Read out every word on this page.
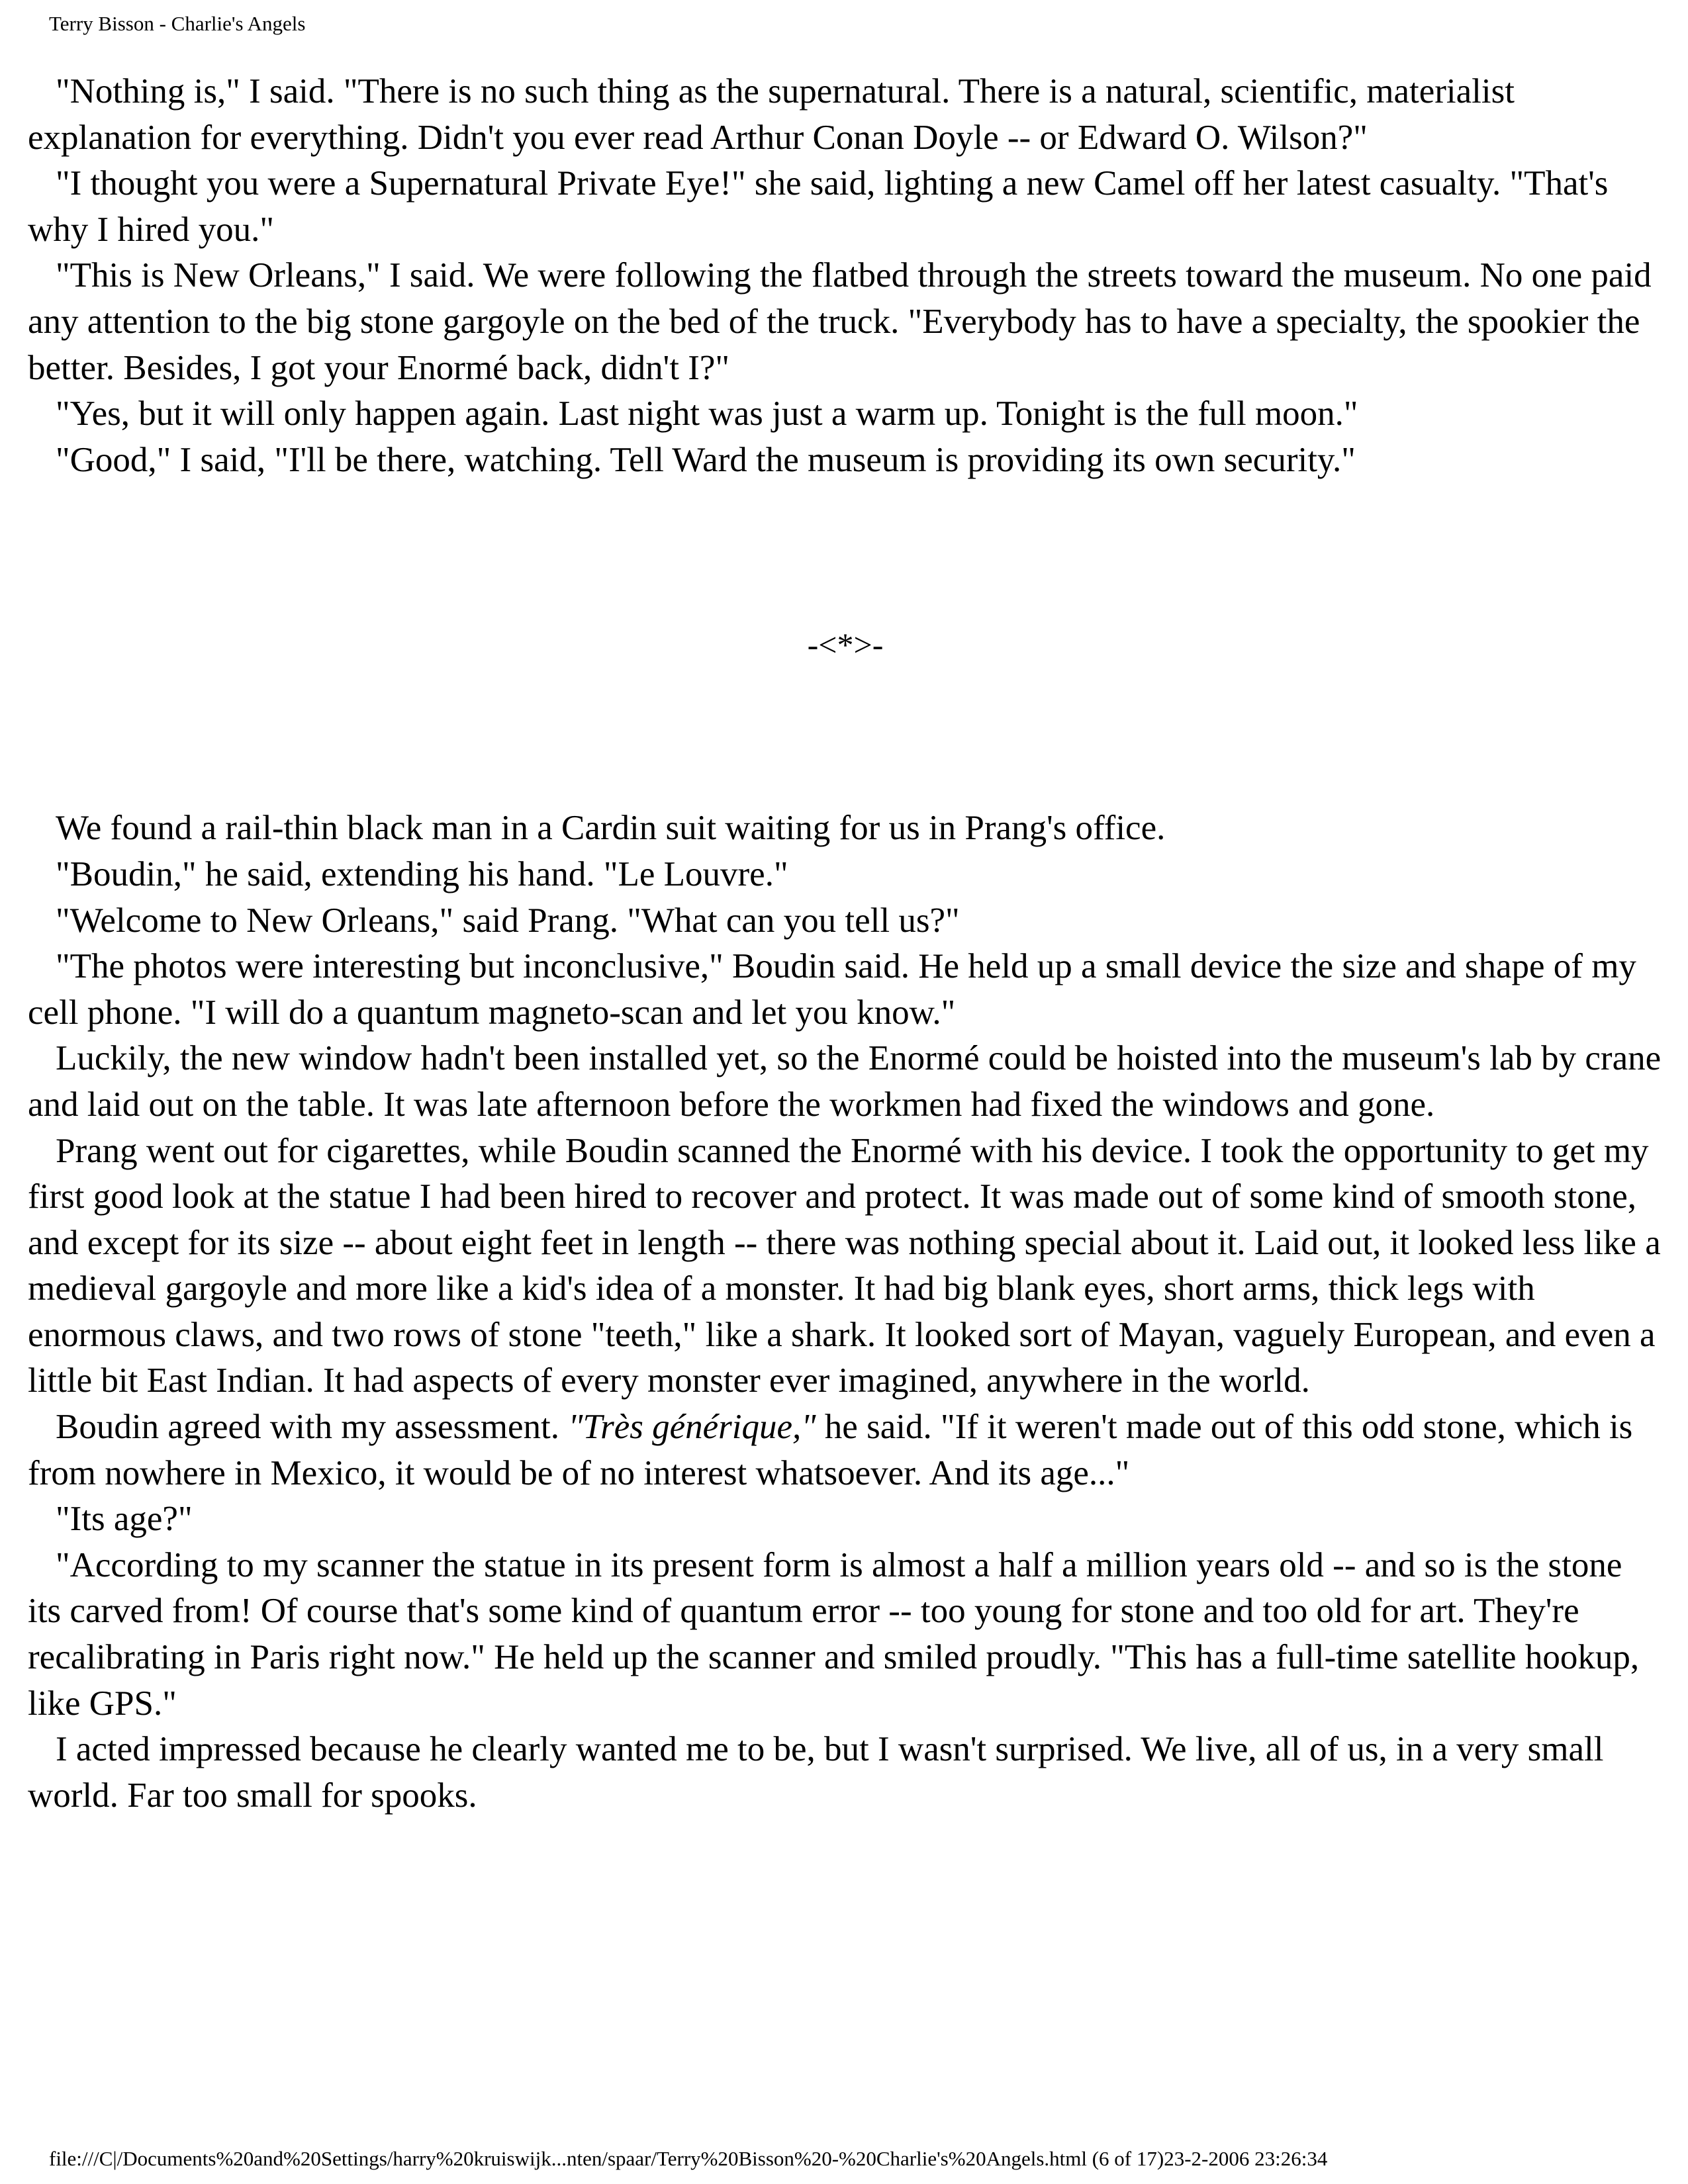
Terry Bisson - Charlie's Angels

"Nothing is," I said. "There is no such thing as the supernatural. There is a natural, scientific, materialist explanation for everything. Didn't you ever read Arthur Conan Doyle -- or Edward O. Wilson?"

"I thought you were a Supernatural Private Eye!" she said, lighting a new Camel off her latest casualty. "That's why I hired you."

"This is New Orleans," I said. We were following the flatbed through the streets toward the museum. No one paid any attention to the big stone gargoyle on the bed of the truck. "Everybody has to have a specialty, the spookier the better. Besides, I got your Enormé back, didn't I?"

"Yes, but it will only happen again. Last night was just a warm up. Tonight is the full moon."

"Good," I said, "I'll be there, watching. Tell Ward the museum is providing its own security."

-<*>-

We found a rail-thin black man in a Cardin suit waiting for us in Prang's office.

"Boudin," he said, extending his hand. "Le Louvre."

"Welcome to New Orleans," said Prang. "What can you tell us?"

"The photos were interesting but inconclusive," Boudin said. He held up a small device the size and shape of my cell phone. "I will do a quantum magneto-scan and let you know."

Luckily, the new window hadn't been installed yet, so the Enormé could be hoisted into the museum's lab by crane and laid out on the table. It was late afternoon before the workmen had fixed the windows and gone.

Prang went out for cigarettes, while Boudin scanned the Enormé with his device. I took the opportunity to get my first good look at the statue I had been hired to recover and protect. It was made out of some kind of smooth stone, and except for its size -- about eight feet in length -- there was nothing special about it. Laid out, it looked less like a medieval gargoyle and more like a kid's idea of a monster. It had big blank eyes, short arms, thick legs with enormous claws, and two rows of stone "teeth," like a shark. It looked sort of Mayan, vaguely European, and even a little bit East Indian. It had aspects of every monster ever imagined, anywhere in the world.

Boudin agreed with my assessment. "Très générique," he said. "If it weren't made out of this odd stone, which is from nowhere in Mexico, it would be of no interest whatsoever. And its age..."

"Its age?"

"According to my scanner the statue in its present form is almost a half a million years old -- and so is the stone its carved from! Of course that's some kind of quantum error -- too young for stone and too old for art. They're recalibrating in Paris right now." He held up the scanner and smiled proudly. "This has a full-time satellite hookup, like GPS."

I acted impressed because he clearly wanted me to be, but I wasn't surprised. We live, all of us, in a very small world. Far too small for spooks.

file:///C|/Documents%20and%20Settings/harry%20kruiswijk...nten/spaar/Terry%20Bisson%20-%20Charlie's%20Angels.html (6 of 17)23-2-2006 23:26:34
